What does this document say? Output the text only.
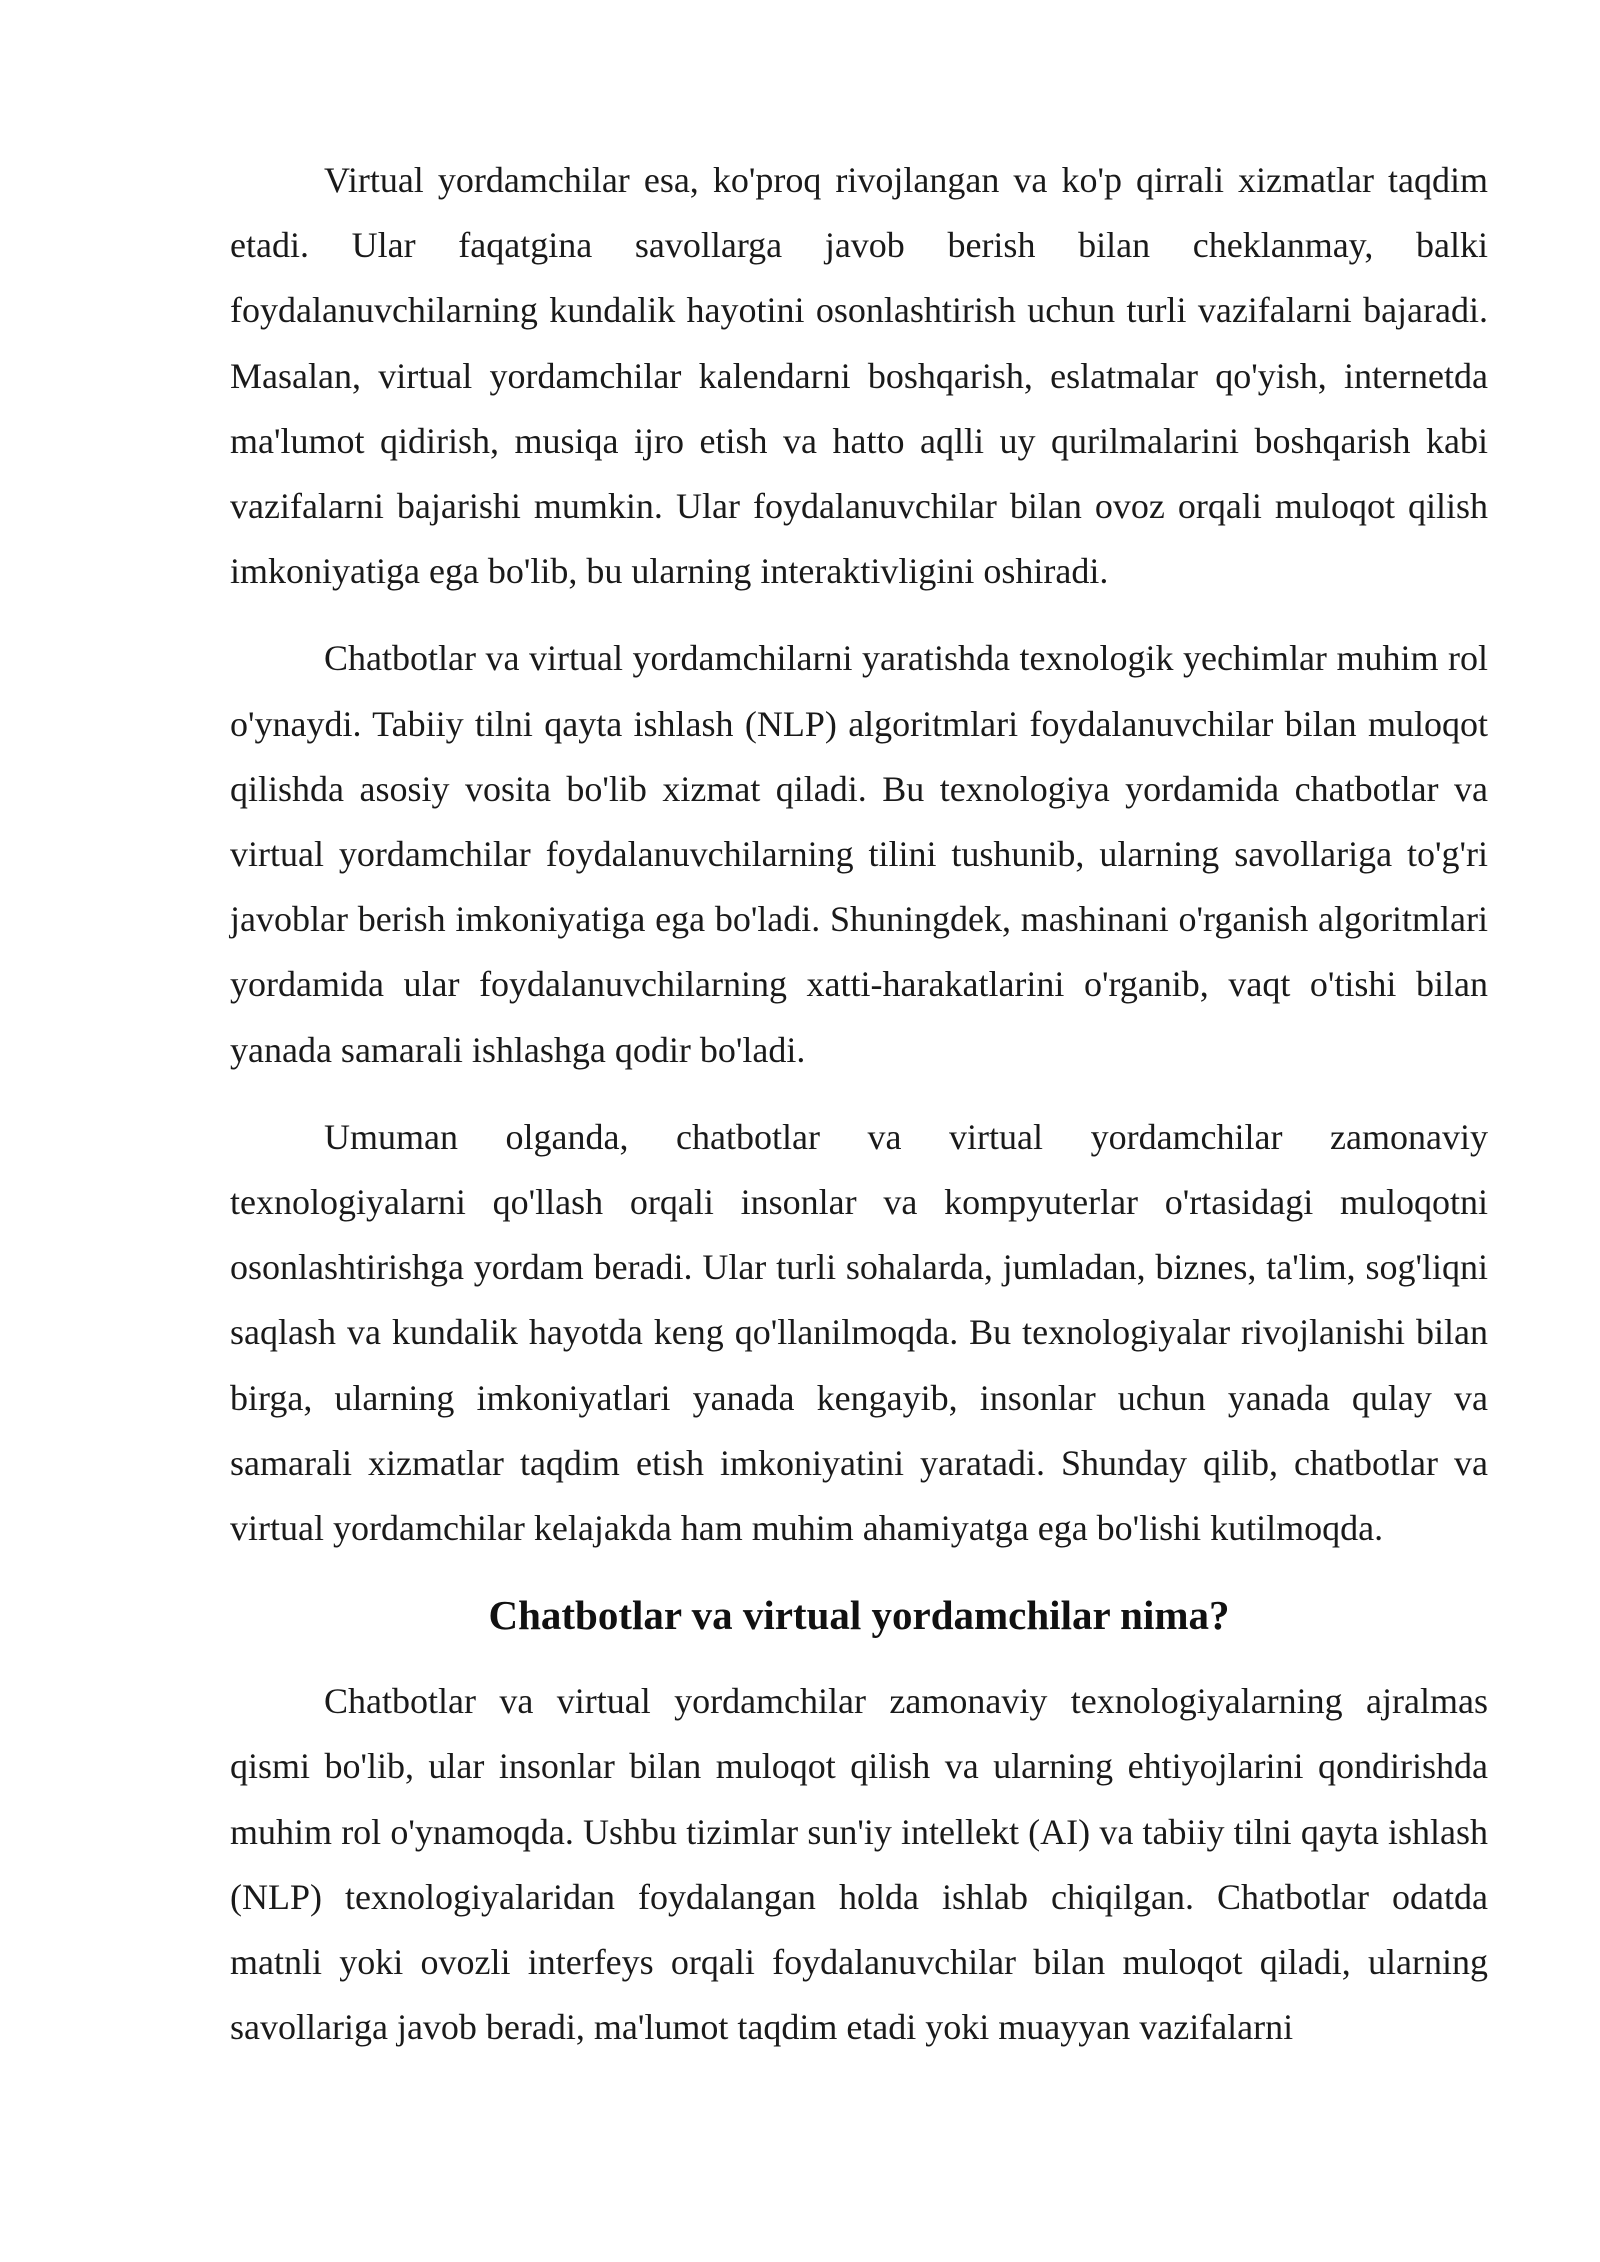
Virtual yordamchilar esa, ko'proq rivojlangan va ko'p qirrali xizmatlar taqdim etadi. Ular faqatgina savollarga javob berish bilan cheklanmay, balki foydalanuvchilarning kundalik hayotini osonlashtirish uchun turli vazifalarni bajaradi. Masalan, virtual yordamchilar kalendarni boshqarish, eslatmalar qo'yish, internetda ma'lumot qidirish, musiqa ijro etish va hatto aqlli uy qurilmalarini boshqarish kabi vazifalarni bajarishi mumkin. Ular foydalanuvchilar bilan ovoz orqali muloqot qilish imkoniyatiga ega bo'lib, bu ularning interaktivligini oshiradi.

Chatbotlar va virtual yordamchilarni yaratishda texnologik yechimlar muhim rol o'ynaydi. Tabiiy tilni qayta ishlash (NLP) algoritmlari foydalanuvchilar bilan muloqot qilishda asosiy vosita bo'lib xizmat qiladi. Bu texnologiya yordamida chatbotlar va virtual yordamchilar foydalanuvchilarning tilini tushunib, ularning savollariga to'g'ri javoblar berish imkoniyatiga ega bo'ladi. Shuningdek, mashinani o'rganish algoritmlari yordamida ular foydalanuvchilarning xatti-harakatlarini o'rganib, vaqt o'tishi bilan yanada samarali ishlashga qodir bo'ladi.

Umuman olganda, chatbotlar va virtual yordamchilar zamonaviy texnologiyalarni qo'llash orqali insonlar va kompyuterlar o'rtasidagi muloqotni osonlashtirishga yordam beradi. Ular turli sohalarda, jumladan, biznes, ta'lim, sog'liqni saqlash va kundalik hayotda keng qo'llanilmoqda. Bu texnologiyalar rivojlanishi bilan birga, ularning imkoniyatlari yanada kengayib, insonlar uchun yanada qulay va samarali xizmatlar taqdim etish imkoniyatini yaratadi. Shunday qilib, chatbotlar va virtual yordamchilar kelajakda ham muhim ahamiyatga ega bo'lishi kutilmoqda.

Chatbotlar va virtual yordamchilar nima?

Chatbotlar va virtual yordamchilar zamonaviy texnologiyalarning ajralmas qismi bo'lib, ular insonlar bilan muloqot qilish va ularning ehtiyojlarini qondirishda muhim rol o'ynamoqda. Ushbu tizimlar sun'iy intellekt (AI) va tabiiy tilni qayta ishlash (NLP) texnologiyalaridan foydalangan holda ishlab chiqilgan. Chatbotlar odatda matnli yoki ovozli interfeys orqali foydalanuvchilar bilan muloqot qiladi, ularning savollariga javob beradi, ma'lumot taqdim etadi yoki muayyan vazifalarni
